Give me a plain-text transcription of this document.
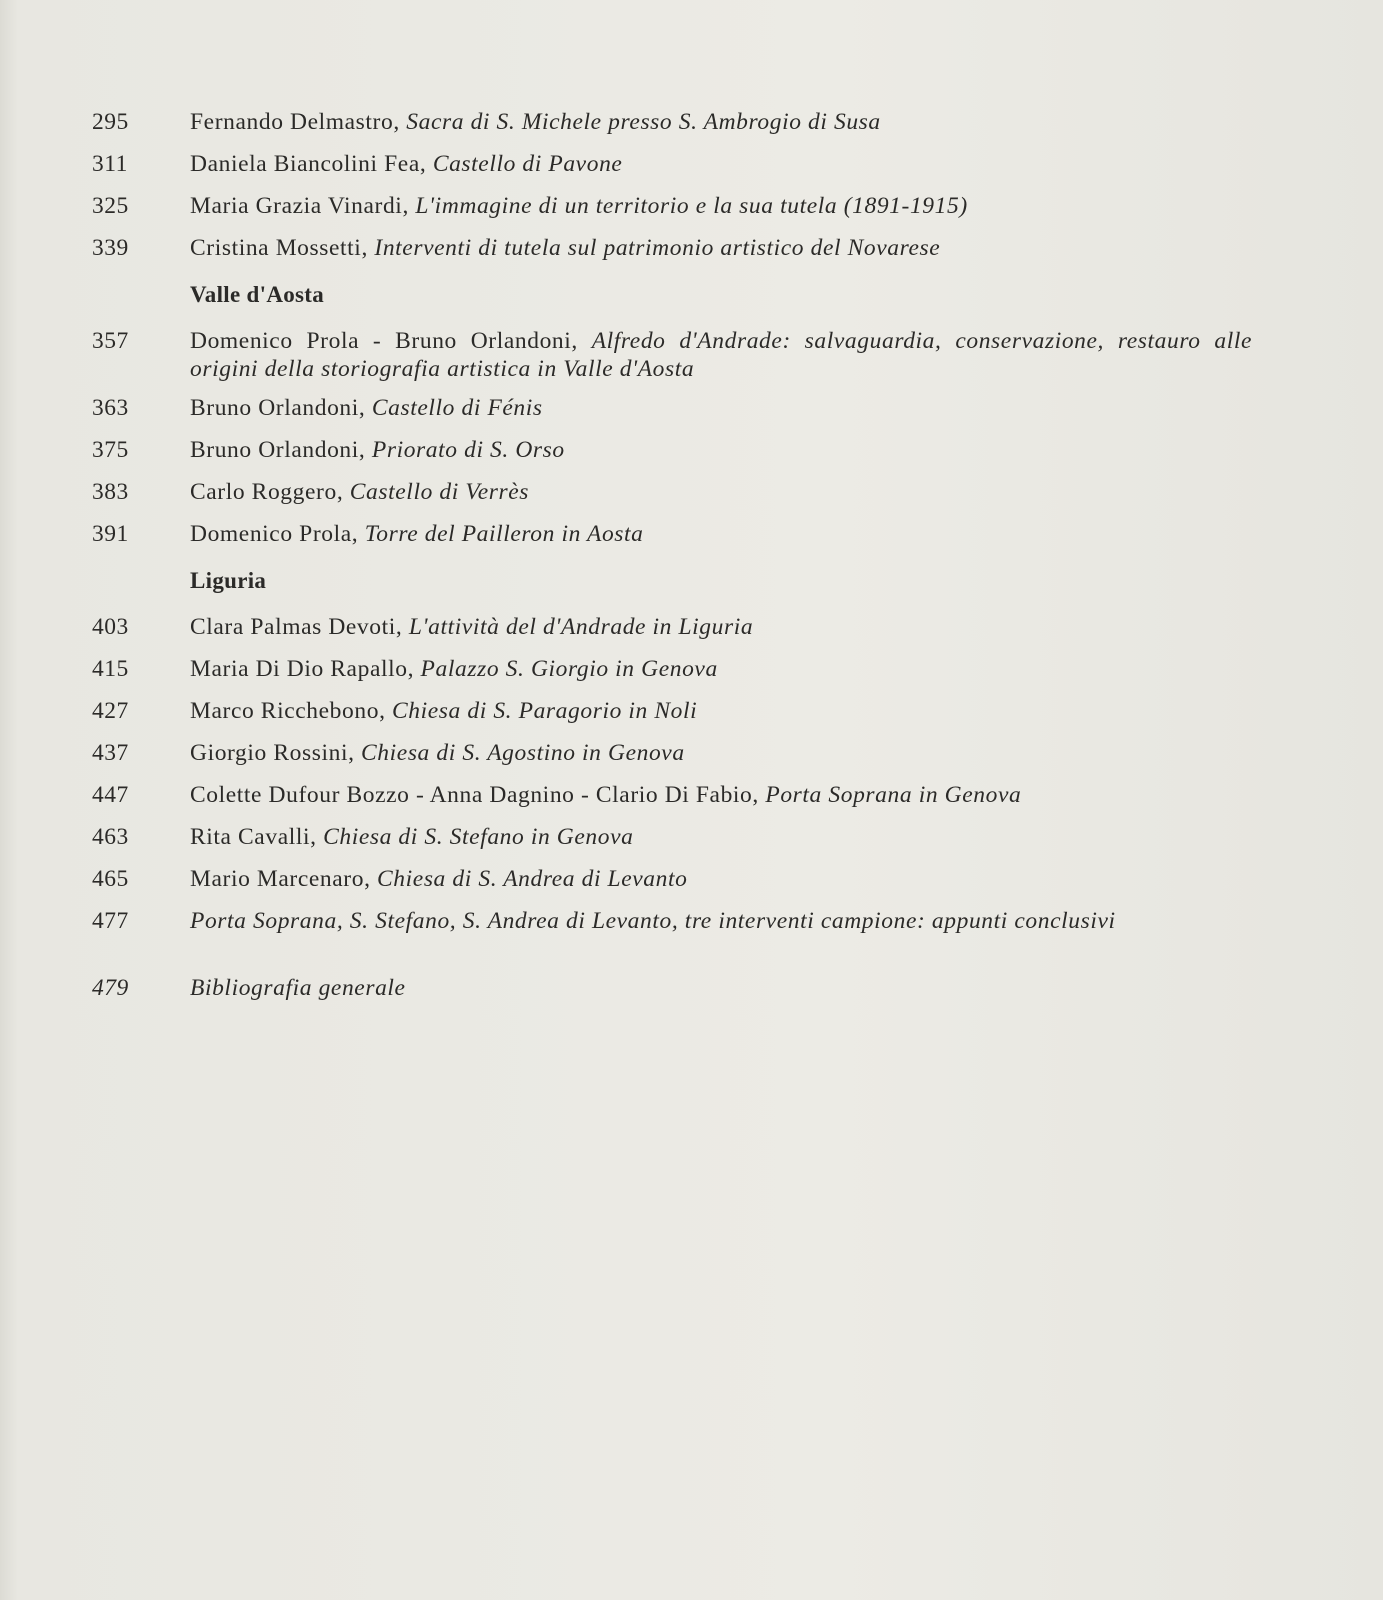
295	Fernando Delmastro, Sacra di S. Michele presso S. Ambrogio di Susa
311	Daniela Biancolini Fea, Castello di Pavone
325	Maria Grazia Vinardi, L'immagine di un territorio e la sua tutela (1891-1915)
339	Cristina Mossetti, Interventi di tutela sul patrimonio artistico del Novarese
Valle d'Aosta
357	Domenico Prola - Bruno Orlandoni, Alfredo d'Andrade: salvaguardia, conservazione, restauro alle origini della storiografia artistica in Valle d'Aosta
363	Bruno Orlandoni, Castello di Fénis
375	Bruno Orlandoni, Priorato di S. Orso
383	Carlo Roggero, Castello di Verrès
391	Domenico Prola, Torre del Pailleron in Aosta
Liguria
403	Clara Palmas Devoti, L'attività del d'Andrade in Liguria
415	Maria Di Dio Rapallo, Palazzo S. Giorgio in Genova
427	Marco Ricchebono, Chiesa di S. Paragorio in Noli
437	Giorgio Rossini, Chiesa di S. Agostino in Genova
447	Colette Dufour Bozzo - Anna Dagnino - Clario Di Fabio, Porta Soprana in Genova
463	Rita Cavalli, Chiesa di S. Stefano in Genova
465	Mario Marcenaro, Chiesa di S. Andrea di Levanto
477	Porta Soprana, S. Stefano, S. Andrea di Levanto, tre interventi campione: appunti conclusivi
479	Bibliografia generale
